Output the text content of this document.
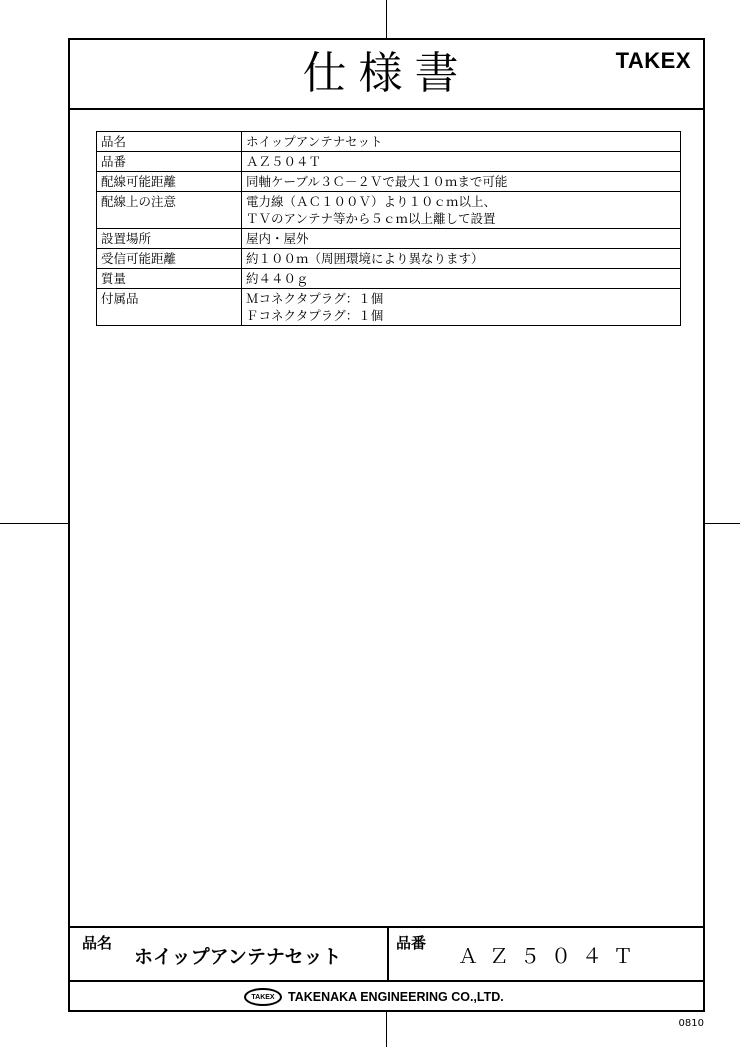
仕様書	TAKEX
品名	ホイップアンテナセット

品番	ＡＺ５０４Ｔ

配線可能距離	同軸ケーブル３Ｃ－２Ｖで最大１０ｍまで可能

配線上の注意	電力線（ＡＣ１００Ｖ）より１０ｃｍ以上、
ＴＶのアンテナ等から５ｃｍ以上離して設置

設置場所	屋内・屋外

受信可能距離	約１００ｍ（周囲環境により異なります）

質量	約４４０ｇ

付属品	Ｍコネクタプラグ：１個
Ｆコネクタプラグ：１個
品名
ホイップアンテナセット
品番
ＡＺ５０４Ｔ
TAKEX	TAKENAKA ENGINEERING CO.,LTD.
0810
